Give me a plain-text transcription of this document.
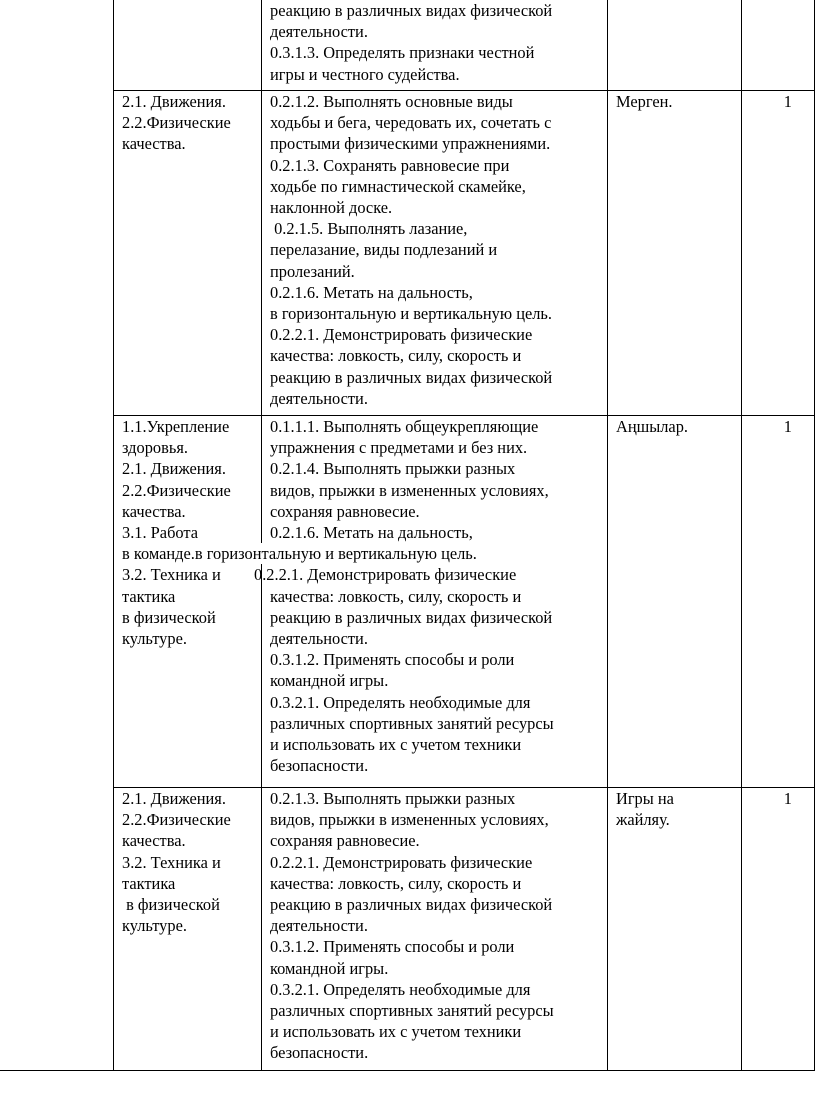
реакцию в различных видах физической
деятельности.
0.3.1.3. Определять признаки честной
игры и честного судейства.
2.1. Движения.
2.2.Физические
качества.
0.2.1.2. Выполнять основные виды
ходьбы и бега, чередовать их, сочетать с
простыми физическими упражнениями.
0.2.1.3. Сохранять равновесие при
ходьбе по гимнастической скамейке,
наклонной доске.
0.2.1.5. Выполнять лазание,
перелазание, виды подлезаний и
пролезаний.
0.2.1.6. Метать на дальность,
в горизонтальную и вертикальную цель.
0.2.2.1. Демонстрировать физические
качества: ловкость, силу, скорость и
реакцию в различных видах физической
деятельности.
Мерген.	1
1.1.Укрепление
здоровья.
2.1. Движения.
2.2.Физические
качества.
3.1. Работа

3.2. Техника и
тактика
в физической
культуре.
0.1.1.1. Выполнять общеукрепляющие
упражнения с предметами и без них.
0.2.1.4. Выполнять прыжки разных
видов, прыжки в измененных условиях,
сохраняя равновесие.
0.2.1.6. Метать на дальность,

0.2.2.1. Демонстрировать физические
качества: ловкость, силу, скорость и
реакцию в различных видах физической
деятельности.
0.3.1.2. Применять способы и роли
командной игры.
0.3.2.1. Определять необходимые для
различных спортивных занятий ресурсы
и использовать их с учетом техники
безопасности.
в команде.в горизонтальную и вертикальную цель.
Аңшылар.	1
2.1. Движения.
2.2.Физические
качества.
3.2. Техника и
тактика
в физической
культуре.
0.2.1.3. Выполнять прыжки разных
видов, прыжки в измененных условиях,
сохраняя равновесие.
0.2.2.1. Демонстрировать физические
качества: ловкость, силу, скорость и
реакцию в различных видах физической
деятельности.
0.3.1.2. Применять способы и роли
командной игры.
0.3.2.1. Определять необходимые для
различных спортивных занятий ресурсы
и использовать их с учетом техники
безопасности.
Игры на
жайляу.
1
